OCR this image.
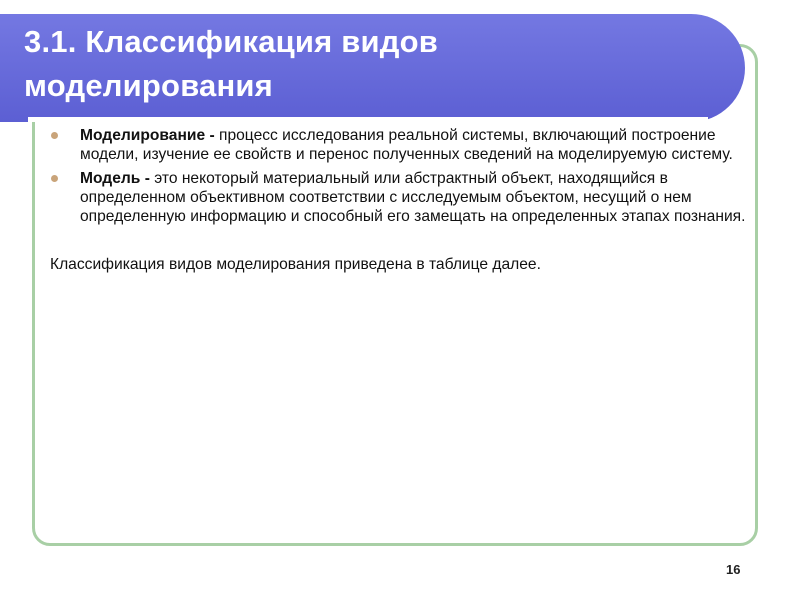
3.1. Классификация видов
моделирования

Моделирование - процесс исследования реальной системы, включающий построение модели, изучение ее свойств и перенос полученных сведений на моделируемую систему.
Модель - это некоторый материальный или абстрактный объект, находящийся в определенном объективном соответствии с исследуемым объектом, несущий о нем определенную информацию и способный его замещать на определенных этапах познания.

Классификация видов моделирования приведена в таблице далее.

16
